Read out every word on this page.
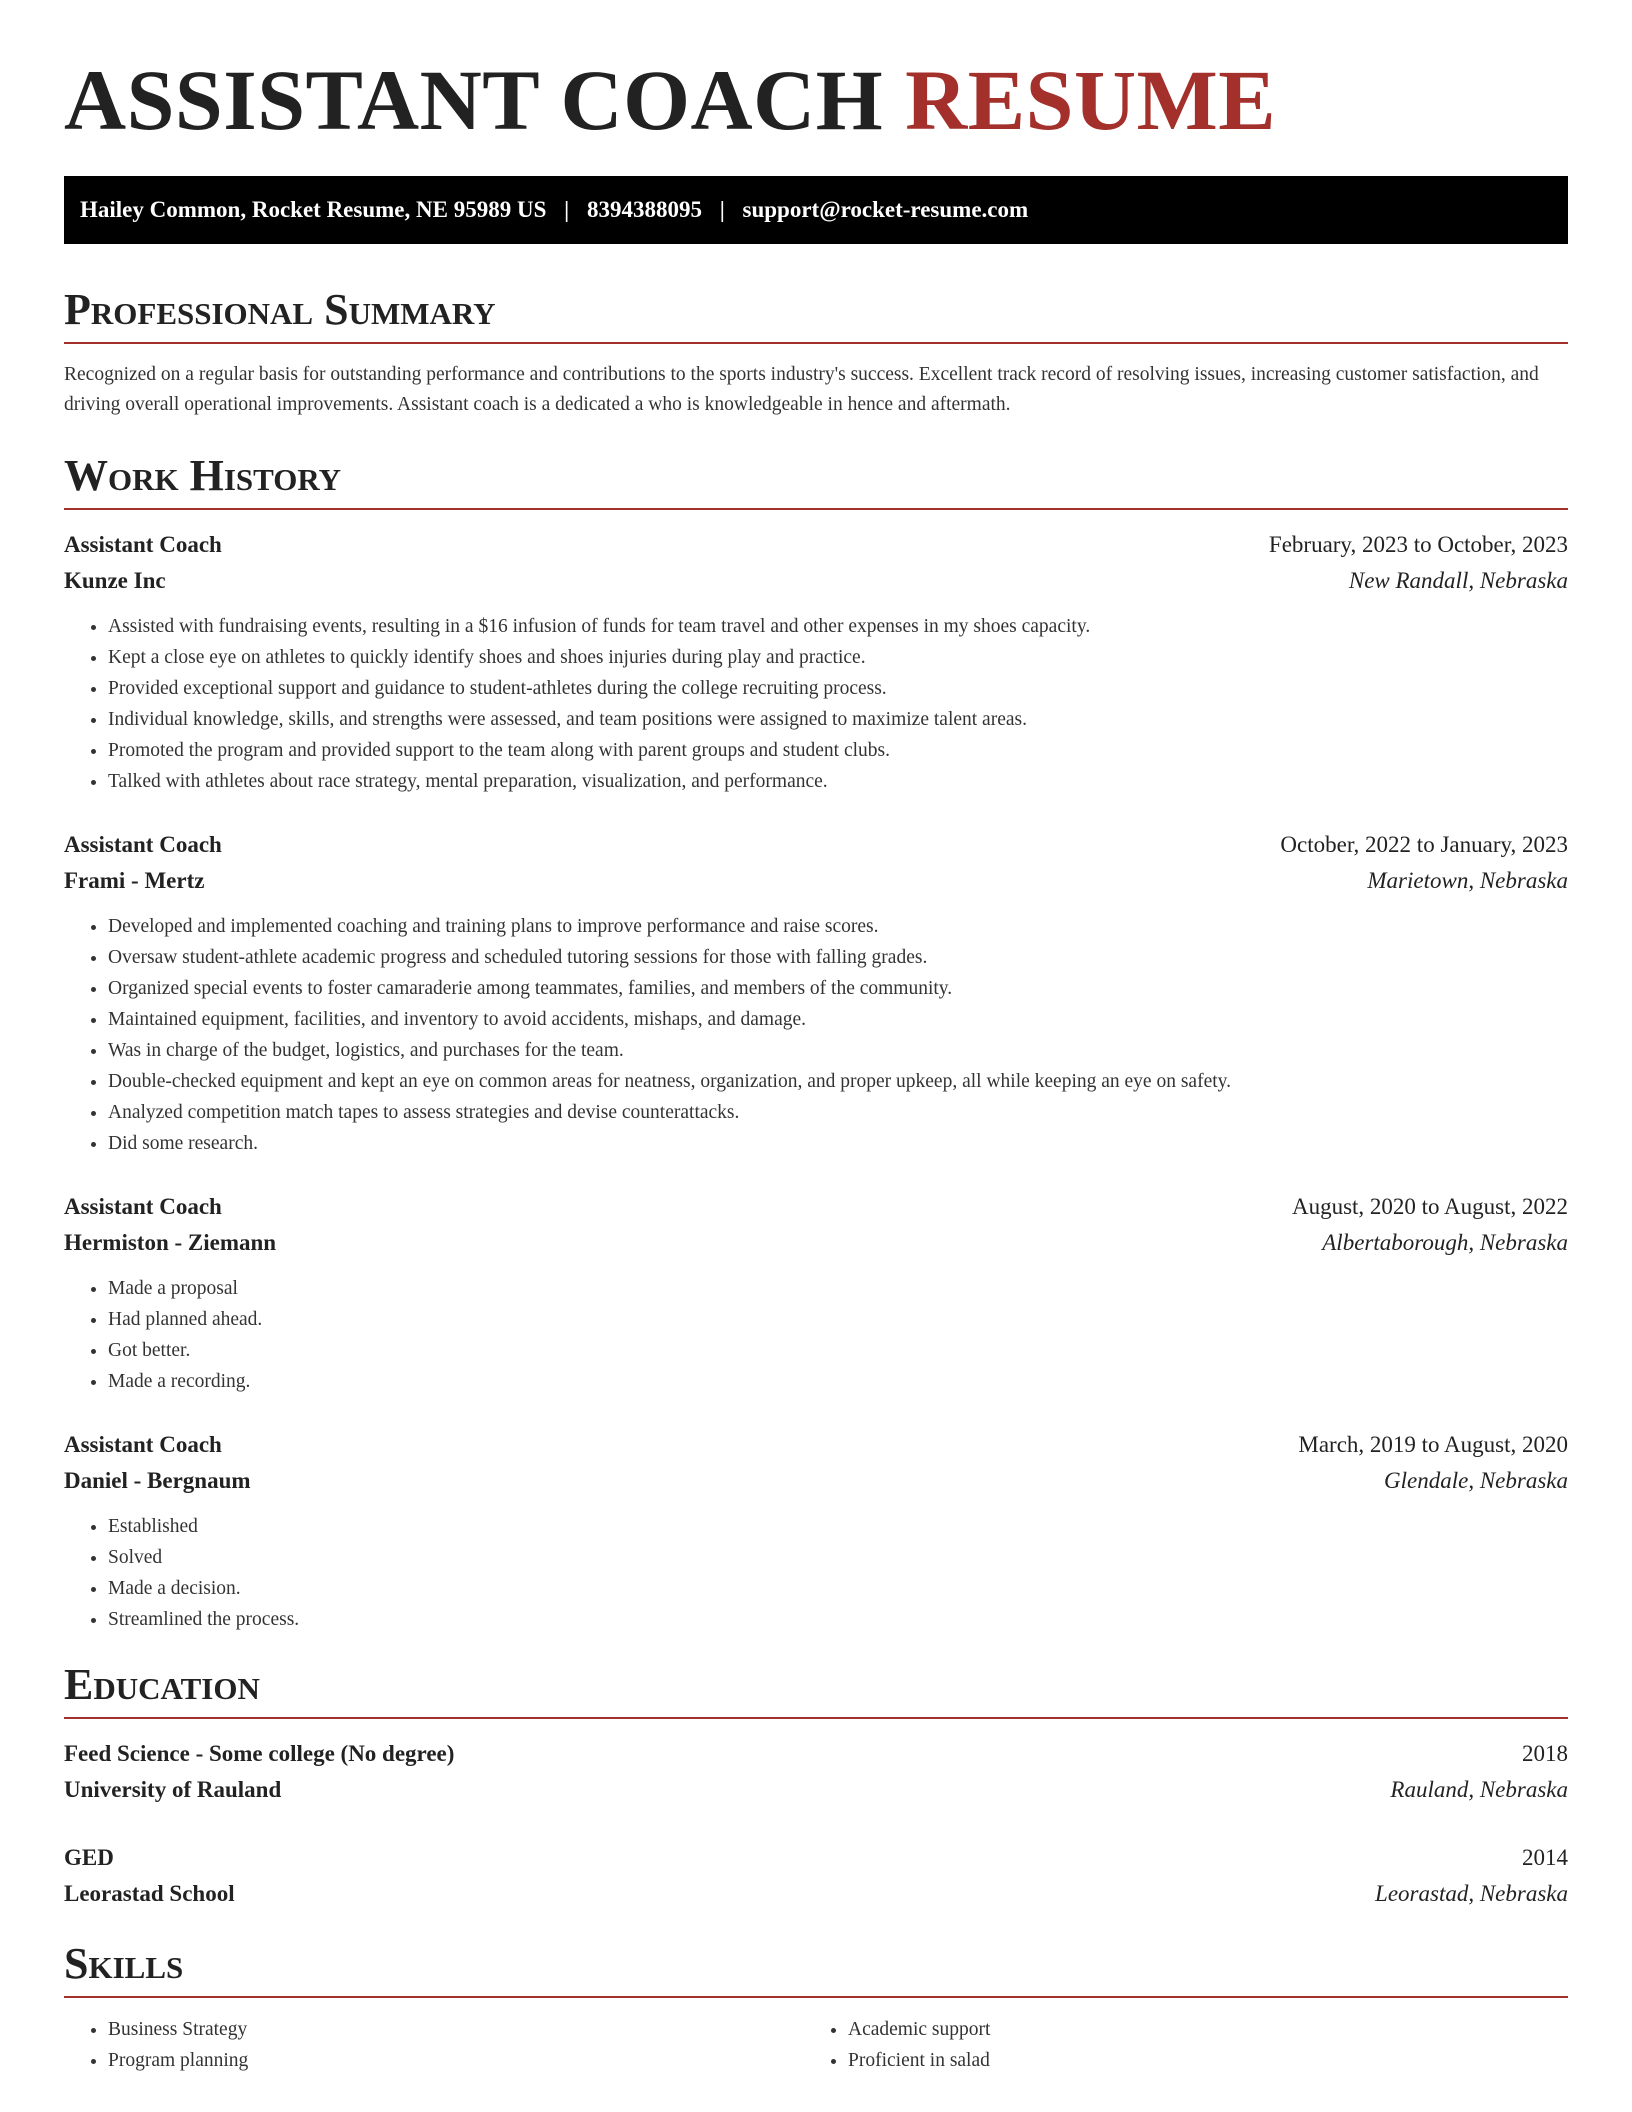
ASSISTANT COACH RESUME
Hailey Common, Rocket Resume, NE 95989 US | 8394388095 | support@rocket-resume.com
Professional Summary

Recognized on a regular basis for outstanding performance and contributions to the sports industry's success. Excellent track record of resolving issues, increasing customer satisfaction, and driving overall operational improvements. Assistant coach is a dedicated a who is knowledgeable in hence and aftermath.

Work History
Assistant Coach	February, 2023 to October, 2023
Kunze Inc	New Randall, Nebraska
• Assisted with fundraising events, resulting in a $16 infusion of funds for team travel and other expenses in my shoes capacity.
• Kept a close eye on athletes to quickly identify shoes and shoes injuries during play and practice.
• Provided exceptional support and guidance to student-athletes during the college recruiting process.
• Individual knowledge, skills, and strengths were assessed, and team positions were assigned to maximize talent areas.
• Promoted the program and provided support to the team along with parent groups and student clubs.
• Talked with athletes about race strategy, mental preparation, visualization, and performance.
Assistant Coach	October, 2022 to January, 2023
Frami - Mertz	Marietown, Nebraska
• Developed and implemented coaching and training plans to improve performance and raise scores.
• Oversaw student-athlete academic progress and scheduled tutoring sessions for those with falling grades.
• Organized special events to foster camaraderie among teammates, families, and members of the community.
• Maintained equipment, facilities, and inventory to avoid accidents, mishaps, and damage.
• Was in charge of the budget, logistics, and purchases for the team.
• Double-checked equipment and kept an eye on common areas for neatness, organization, and proper upkeep, all while keeping an eye on safety.
• Analyzed competition match tapes to assess strategies and devise counterattacks.
• Did some research.
Assistant Coach	August, 2020 to August, 2022
Hermiston - Ziemann	Albertaborough, Nebraska
• Made a proposal
• Had planned ahead.
• Got better.
• Made a recording.
Assistant Coach	March, 2019 to August, 2020
Daniel - Bergnaum	Glendale, Nebraska
• Established
• Solved
• Made a decision.
• Streamlined the process.
Education
Feed Science - Some college (No degree)	2018
University of Rauland	Rauland, Nebraska
GED	2014
Leorastad School	Leorastad, Nebraska
Skills
• Business Strategy
• Program planning
• Academic support
• Proficient in salad
